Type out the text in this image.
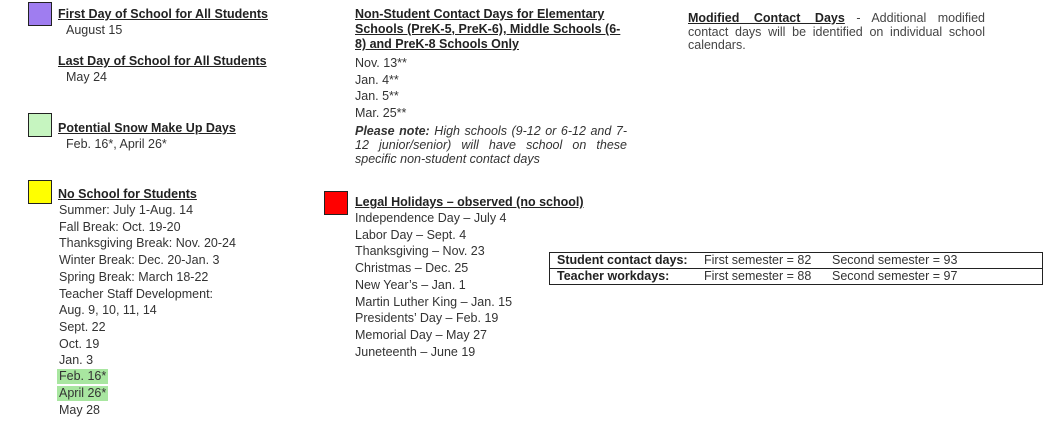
First Day of School for All Students
August 15
Last Day of School for All Students
May 24
Potential Snow Make Up Days
Feb. 16*, April 26*
No School for Students
Summer: July 1-Aug. 14
Fall Break: Oct. 19-20
Thanksgiving Break: Nov. 20-24
Winter Break: Dec. 20-Jan. 3
Spring Break: March 18-22
Teacher Staff Development:
Aug. 9, 10, 11, 14
Sept. 22
Oct. 19
Jan. 3
Feb. 16*
April 26*
May 28
Non-Student Contact Days for Elementary Schools (PreK-5, PreK-6), Middle Schools (6-8) and PreK-8 Schools Only
Nov. 13**
Jan. 4**
Jan. 5**
Mar. 25**
Please note: High schools (9-12 or 6-12 and 7-12 junior/senior) will have school on these specific non-student contact days
Legal Holidays – observed (no school)
Independence Day – July 4
Labor Day – Sept. 4
Thanksgiving – Nov. 23
Christmas – Dec. 25
New Year’s – Jan. 1
Martin Luther King – Jan. 15
Presidents’ Day – Feb. 19
Memorial Day – May 27
Juneteenth – June 19
Modified Contact Days - Additional modified contact days will be identified on individual school calendars.
Student contact days: First semester = 82 Second semester = 93
Teacher workdays:	First semester = 88 Second semester = 97
